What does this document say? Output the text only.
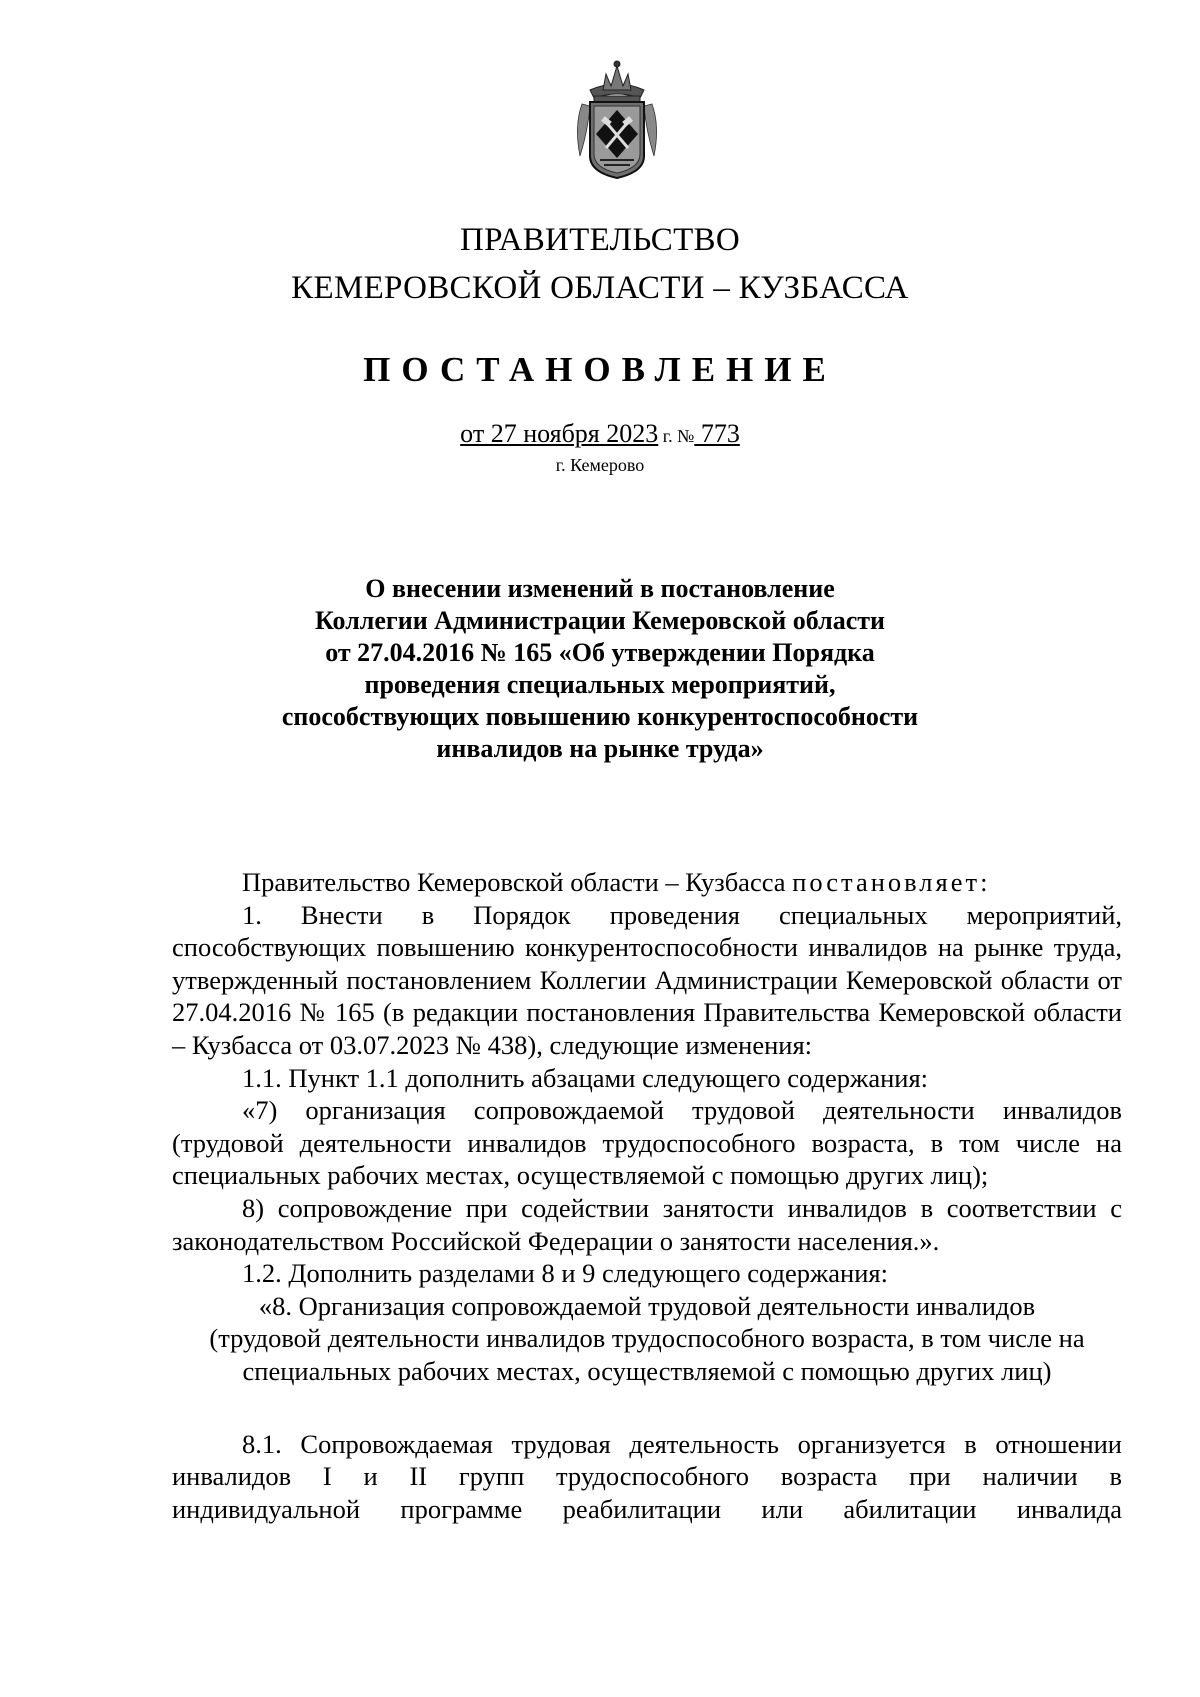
ПРАВИТЕЛЬСТВО
КЕМЕРОВСКОЙ ОБЛАСТИ – КУЗБАССА
ПОСТАНОВЛЕНИЕ
от 27 ноября 2023 г. № 773
г. Кемерово
О внесении изменений в постановление
Коллегии Администрации Кемеровской области
от 27.04.2016 № 165 «Об утверждении Порядка
проведения специальных мероприятий,
способствующих повышению конкурентоспособности
инвалидов на рынке труда»

Правительство Кемеровской области – Кузбасса постановляет:

1. Внести в Порядок проведения специальных мероприятий,

способствующих повышению конкурентоспособности инвалидов на рынке труда, утвержденный постановлением Коллегии Администрации Кемеровской области от 27.04.2016 № 165 (в редакции постановления Правительства Кемеровской области – Кузбасса от 03.07.2023 № 438), следующие изменения:

1.1. Пункт 1.1 дополнить абзацами следующего содержания:

«7) организация сопровождаемой трудовой деятельности инвалидов (трудовой деятельности инвалидов трудоспособного возраста, в том числе на специальных рабочих местах, осуществляемой с помощью других лиц);

8) сопровождение при содействии занятости инвалидов в соответствии с законодательством Российской Федерации о занятости населения.».

1.2. Дополнить разделами 8 и 9 следующего содержания:

«8. Организация сопровождаемой трудовой деятельности инвалидов

(трудовой деятельности инвалидов трудоспособного возраста, в том числе на

специальных рабочих местах, осуществляемой с помощью других лиц)

8.1. Сопровождаемая трудовая деятельность организуется в отношении

инвалидов I и II групп трудоспособного возраста при наличии в

индивидуальной программе реабилитации или абилитации инвалида
